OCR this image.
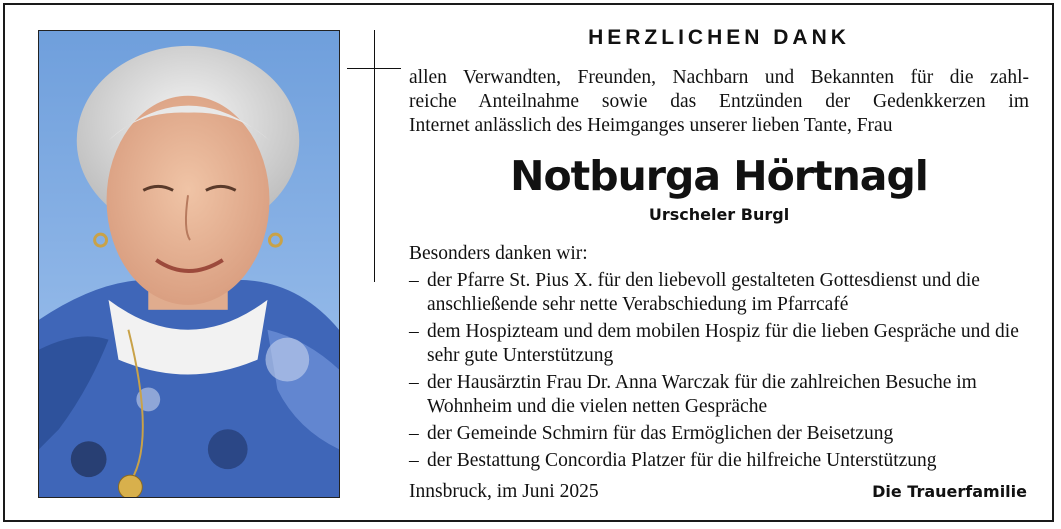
HERZLICHEN DANK
allen Verwandten, Freunden, Nachbarn und Bekannten für die zahl-
reiche Anteilnahme sowie das Entzünden der Gedenkkerzen im
Internet anlässlich des Heimganges unserer lieben Tante, Frau
Notburga Hörtnagl
Urscheler Burgl
Besonders danken wir:
– der Pfarre St. Pius X. für den liebevoll gestalteten Gottesdienst und die anschließende sehr nette Verabschiedung im Pfarrcafé
– dem Hospizteam und dem mobilen Hospiz für die lieben Gespräche und die sehr gute Unterstützung
– der Hausärztin Frau Dr. Anna Warczak für die zahlreichen Besuche im Wohnheim und die vielen netten Gespräche
– der Gemeinde Schmirn für das Ermöglichen der Beisetzung
– der Bestattung Concordia Platzer für die hilfreiche Unterstützung
Innsbruck, im Juni 2025	Die Trauerfamilie
